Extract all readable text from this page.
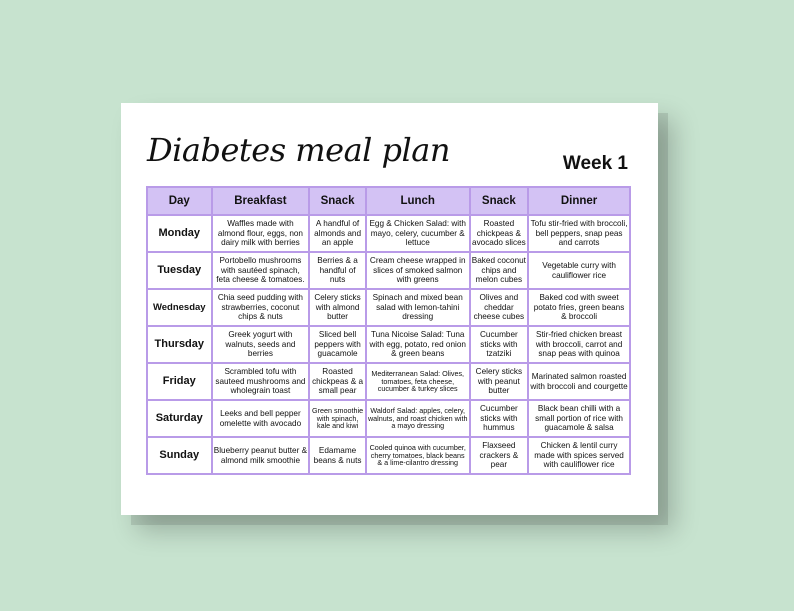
Diabetes meal plan	Week 1
Day	Breakfast	Snack	Lunch	Snack	Dinner
Monday	Waffles made with almond flour, eggs, non dairy milk with berries	A handful of almonds and an apple	Egg & Chicken Salad: with mayo, celery, cucumber & lettuce	Roasted chickpeas & avocado slices	Tofu stir-fried with broccoli, bell peppers, snap peas and carrots
Tuesday	Portobello mushrooms with sautéed spinach, feta cheese & tomatoes.	Berries & a handful of nuts	Cream cheese wrapped in slices of smoked salmon with greens	Baked coconut chips and melon cubes	Vegetable curry with cauliflower rice
Wednesday	Chia seed pudding with strawberries, coconut chips & nuts	Celery sticks with almond butter	Spinach and mixed bean salad with lemon-tahini dressing	Olives and cheddar cheese cubes	Baked cod with sweet potato fries, green beans & broccoli
Thursday	Greek yogurt with walnuts, seeds and berries	Sliced bell peppers with guacamole	Tuna Nicoise Salad: Tuna with egg, potato, red onion & green beans	Cucumber sticks with tzatziki	Stir-fried chicken breast with broccoli, carrot and snap peas with quinoa
Friday	Scrambled tofu with sauteed mushrooms and wholegrain toast	Roasted chickpeas & a small pear	Mediterranean Salad: Olives, tomatoes, feta cheese, cucumber & turkey slices	Celery sticks with peanut butter	Marinated salmon roasted with broccoli and courgette
Saturday	Leeks and bell pepper omelette with avocado	Green smoothie with spinach, kale and kiwi	Waldorf Salad: apples, celery, walnuts, and roast chicken with a mayo dressing	Cucumber sticks with hummus	Black bean chilli with a small portion of rice with guacamole & salsa
Sunday	Blueberry peanut butter & almond milk smoothie	Edamame beans & nuts	Cooled quinoa with cucumber, cherry tomatoes, black beans & a lime-cilantro dressing	Flaxseed crackers & pear	Chicken & lentil curry made with spices served with cauliflower rice
